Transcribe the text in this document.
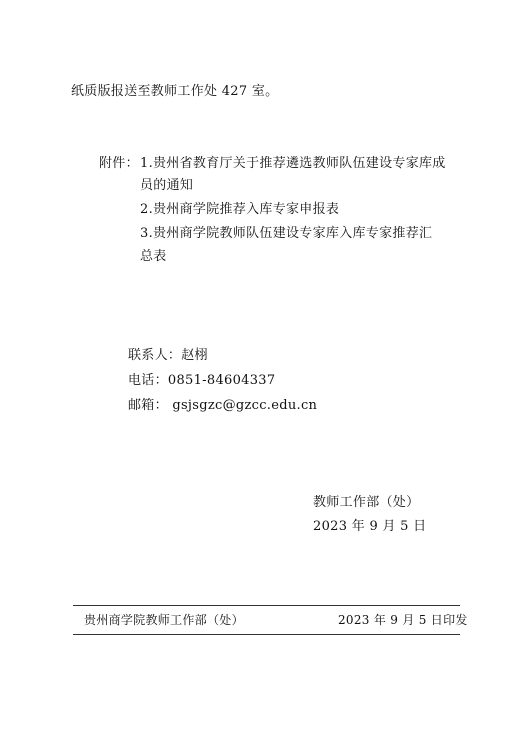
纸质版报送至教师工作处 427 室。
附件： 1.贵州省教育厅关于推荐遴选教师队伍建设专家库成
员的通知
2.贵州商学院推荐入库专家申报表
3.贵州商学院教师队伍建设专家库入库专家推荐汇
总表
联系人：赵栩
电话：0851-84604337
邮箱： gsjsgzc@gzcc.edu.cn
教师工作部（处）
2023 年 9 月 5 日
贵州商学院教师工作部（处）	2023 年 9 月 5 日印发
